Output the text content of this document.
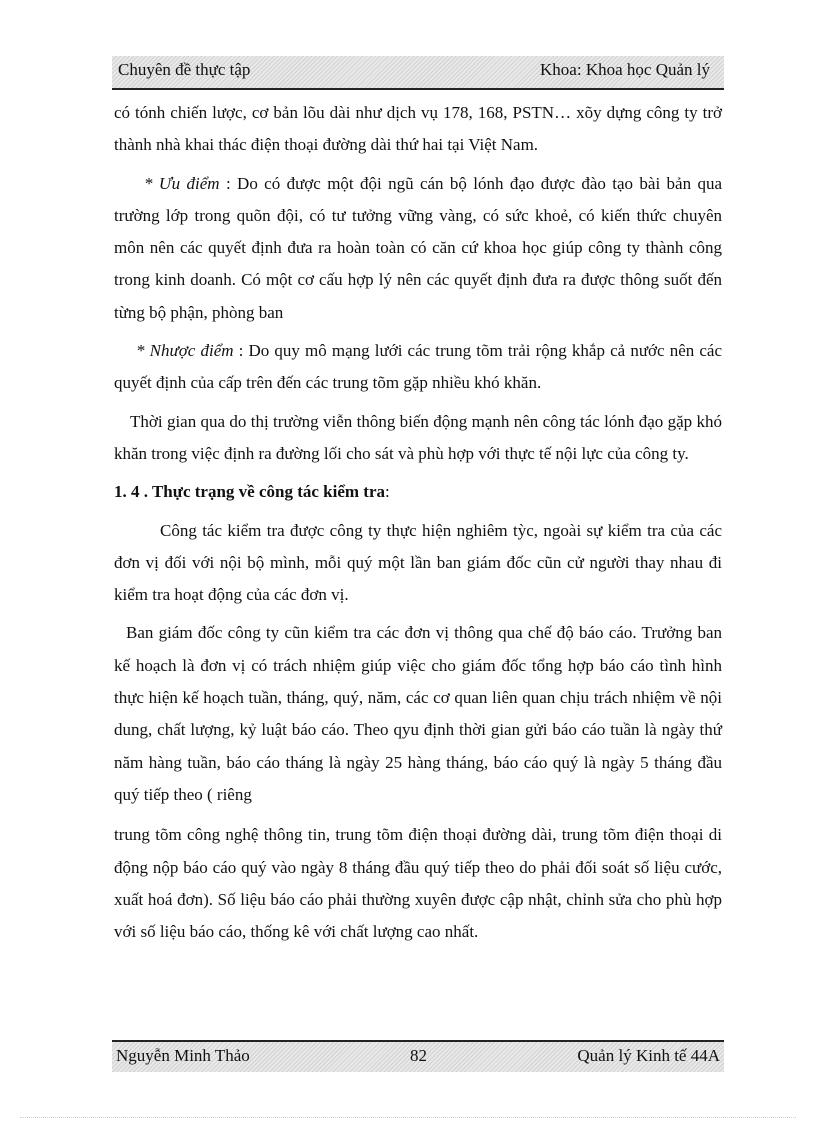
Chuyên đề thực tập	Khoa: Khoa học Quản lý

có tónh chiến lược, cơ bản lõu dài như dịch vụ 178, 168, PSTN… xõy dựng công ty trở thành nhà khai thác điện thoại đường dài thứ hai tại Việt Nam.

* Ưu điểm : Do có được một đội ngũ cán bộ lónh đạo được đào tạo bài bản qua trường lớp trong quõn đội, có tư tưởng vững vàng, có sức khoẻ, có kiến thức chuyên môn nên các quyết định đưa ra hoàn toàn có căn cứ khoa học giúp công ty thành công trong kinh doanh. Có một cơ cấu hợp lý nên các quyết định đưa ra được thông suốt đến từng bộ phận, phòng ban

* Nhược điểm : Do quy mô mạng lưới các trung tõm trải rộng khắp cả nước nên các quyết định của cấp trên đến các trung tõm gặp nhiều khó khăn.

Thời gian qua do thị trường viễn thông biến động mạnh nên công tác lónh đạo gặp khó khăn trong việc định ra đường lối cho sát và phù hợp với thực tế nội lực của công ty.

1. 4 . Thực trạng về công tác kiểm tra:

Công tác kiểm tra được công ty thực hiện nghiêm tỳc, ngoài sự kiểm tra của các đơn vị đối với nội bộ mình, mỗi quý một lần ban giám đốc cũn cử người thay nhau đi kiểm tra hoạt động của các đơn vị.

Ban giám đốc công ty cũn kiểm tra các đơn vị thông qua chế độ báo cáo. Trưởng ban kế hoạch là đơn vị có trách nhiệm giúp việc cho giám đốc tổng hợp báo cáo tình hình thực hiện kế hoạch tuần, tháng, quý, năm, các cơ quan liên quan chịu trách nhiệm về nội dung, chất lượng, kỷ luật báo cáo. Theo qyu định thời gian gửi báo cáo tuần là ngày thứ năm hàng tuần, báo cáo tháng là ngày 25 hàng tháng, báo cáo quý là ngày 5 tháng đầu quý tiếp theo ( riêng

trung tõm công nghệ thông tin, trung tõm điện thoại đường dài, trung tõm điện thoại di động nộp báo cáo quý vào ngày 8 tháng đầu quý tiếp theo do phải đối soát số liệu cước, xuất hoá đơn). Số liệu báo cáo phải thường xuyên được cập nhật, chỉnh sửa cho phù hợp với số liệu báo cáo, thống kê với chất lượng cao nhất.

Nguyễn Minh Thảo	82	Quản lý Kinh tế 44A
